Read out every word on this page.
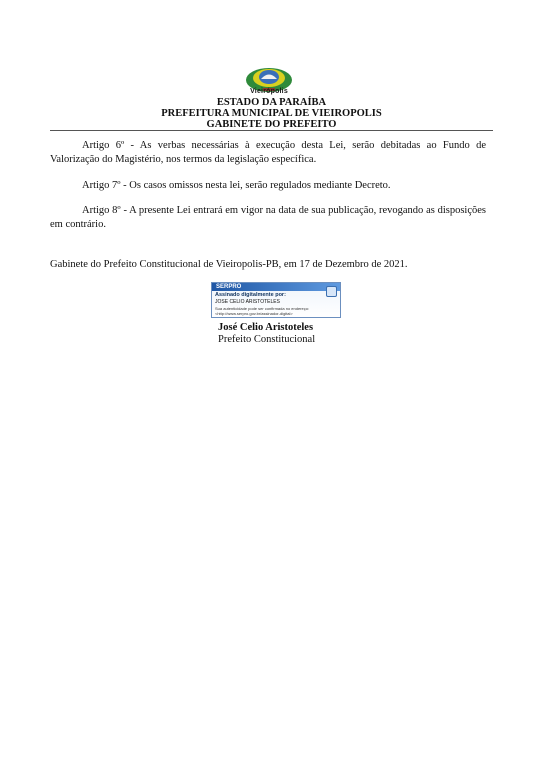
Vieirópolis
ESTADO DA PARAÍBA
PREFEITURA MUNICIPAL DE VIEIROPOLIS
GABINETE DO PREFEITO
Artigo 6º - As verbas necessárias à execução desta Lei, serão debitadas ao Fundo de Valorização do Magistério, nos termos da legislação específica.
Artigo 7º - Os casos omissos nesta lei, serão regulados mediante Decreto.
Artigo 8º - A presente Lei entrará em vigor na data de sua publicação, revogando as disposições em contrário.
Gabinete do Prefeito Constitucional de Vieiropolis-PB, em 17 de Dezembro de 2021.
SERPRO
Assinado digitalmente por:
JOSE CELIO ARISTOTELES
Sua autenticidade pode ser confirmada no endereço: <http://www.serpro.gov.br/assinador-digital>
José Celio Aristoteles
Prefeito Constitucional
